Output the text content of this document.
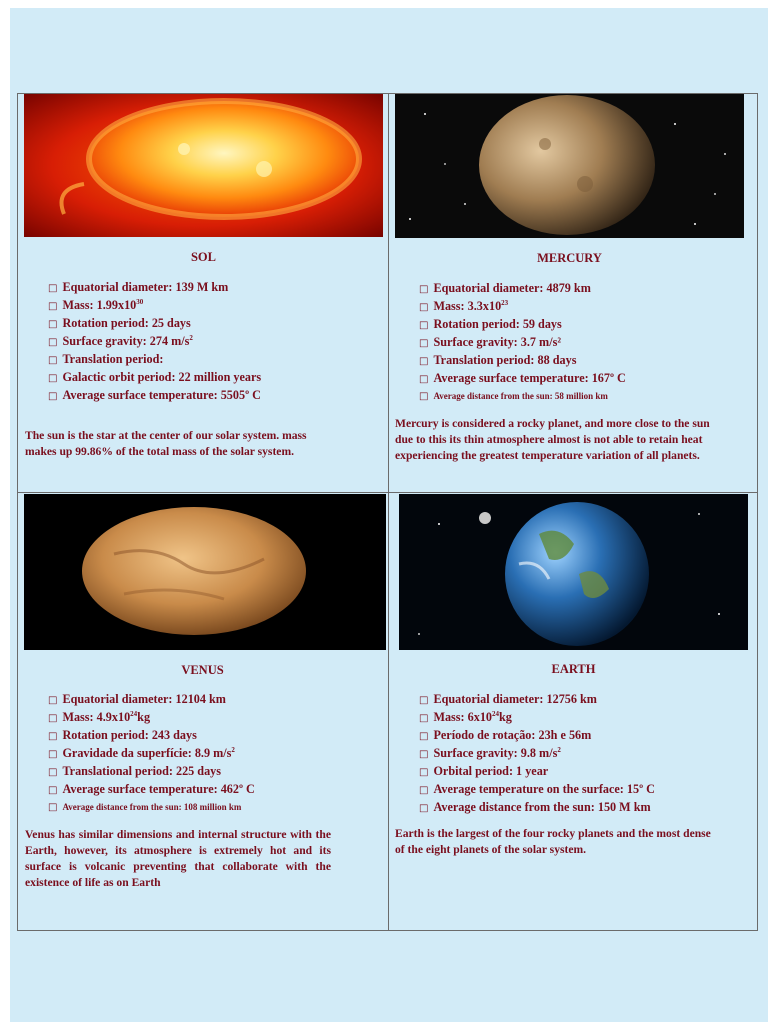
SOL
□ Equatorial diameter: 139 M km
□ Mass: $1.99x10^{30}$
□ Rotation period: 25 days
□ Surface gravity: 274 $m/s^2$
□ Translation period:
□ Galactic orbit period: 22 million years
□ Average surface temperature: 5505º C
The sun is the star at the center of our solar system. mass makes up 99.86% of the total mass of the solar system.
MERCURY
□ Equatorial diameter: 4879 km
□ Mass: $3.3x10^{23}$
□ Rotation period: 59 days
□ Surface gravity: 3.7 m/s²
□ Translation period: 88 days
□ Average surface temperature: 167º C
□ Average distance from the sun: 58 million km
Mercury is considered a rocky planet, and more close to the sun due to this its thin atmosphere almost is not able to retain heat experiencing the greatest temperature variation of all planets.
VENUS
□ Equatorial diameter: 12104 km
□ Mass: $4.9x10^{24}kg$
□ Rotation period: 243 days
□ Gravidade da superfície: 8.9 $m/s^2$
□ Translational period: 225 days
□ Average surface temperature: 462º C
□ Average distance from the sun: 108 million km
Venus has similar dimensions and internal structure with the Earth, however, its atmosphere is extremely hot and its surface is volcanic preventing that collaborate with the existence of life as on Earth
EARTH
□ Equatorial diameter: 12756 km
□ Mass: $6x10^{24}kg$
□ Período de rotação: 23h e 56m
□ Surface gravity: 9.8 $m/s^2$
□ Orbital period: 1 year
□ Average temperature on the surface: 15º C
□ Average distance from the sun: 150 M km
Earth is the largest of the four rocky planets and the most dense of the eight planets of the solar system.
